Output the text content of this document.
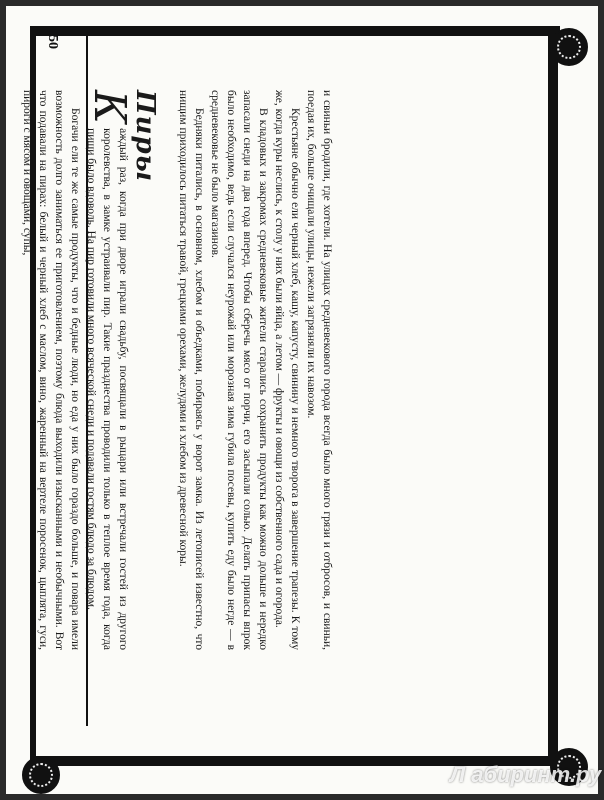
50

и свиньи бродили, где хотели. На улицах средневекового города всегда было много грязи и отбросов, и свиньи, поедая их, больше очищали улицы, нежели загрязняли их навозом.

Крестьяне обычно ели черный хлеб, кашу, капусту, свинину и немного творога в завершение трапезы. К тому же, когда куры неслись, к столу у них были яйца, а летом — фрукты и овощи из собственного сада и огорода.

В кладовых и закромах средневековые жители старались сохранить продукты как можно дольше и нередко запасали снеди на два года вперед. Чтобы сберечь мясо от порчи, его засыпали солью. Делать припасы впрок было необходимо, ведь если случался неурожай или морозная зима губила посевы, купить еду было негде — в средневековье не было магазинов.

Бедняки питались, в основном, хлебом и объедками, побираясь у ворот замка. Из летописей известно, что нищим приходилось питаться травой, грецкими орехами, желудями и хлебом из древесной коры.

Пиры

К
аждый раз, когда при дворе играли свадьбу, посвящали в рыцари или встречали гостей из другого королевства, в замке устраивали пир. Такие празднества проводили только в теплое время года, когда пищи было вдоволь. На пир готовили много всяческой снеди и подавали гостям блюдо за блюдом.

Богачи ели те же самые продукты, что и бедные люди, но еда у них было гораздо больше, и повара имели возможность долго заниматься ее приготовлением, поэтому блюда выходили изысканными и необычными. Вот что подавали на пирах: белый и черный хлеб с маслом, вино, жаренный на вертеле поросенок, цыплята, гуси, пироги с мясом и овощами, супы,

Л абиринт.ру
